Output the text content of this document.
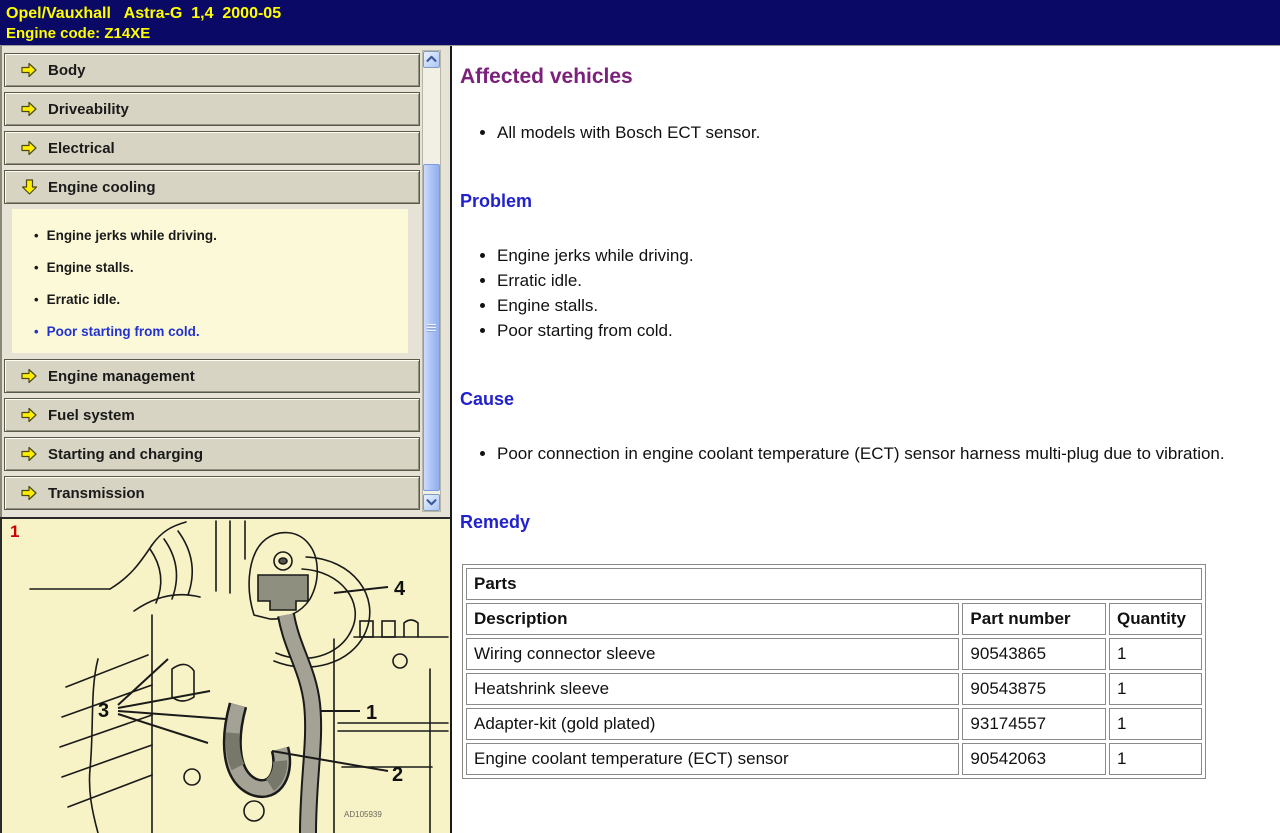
Opel/Vauxhall   Astra-G  1,4  2000-05
Engine code: Z14XE
Body
Driveability
Electrical
Engine cooling
• Engine jerks while driving.
• Engine stalls.
• Erratic idle.
• Poor starting from cold.
Engine management
Fuel system
Starting and charging
Transmission
3	1
2
4
1
AD105939
Affected vehicles
• All models with Bosch ECT sensor.
Problem
• Engine jerks while driving.
• Erratic idle.
• Engine stalls.
• Poor starting from cold.
Cause
• Poor connection in engine coolant temperature (ECT) sensor harness multi-plug due to vibration.
Remedy
Parts		
Description	Part number	Quantity
Wiring connector sleeve	90543865	1
Heatshrink sleeve	90543875	1
Adapter-kit (gold plated)	93174557	1
Engine coolant temperature (ECT) sensor	90542063	1
